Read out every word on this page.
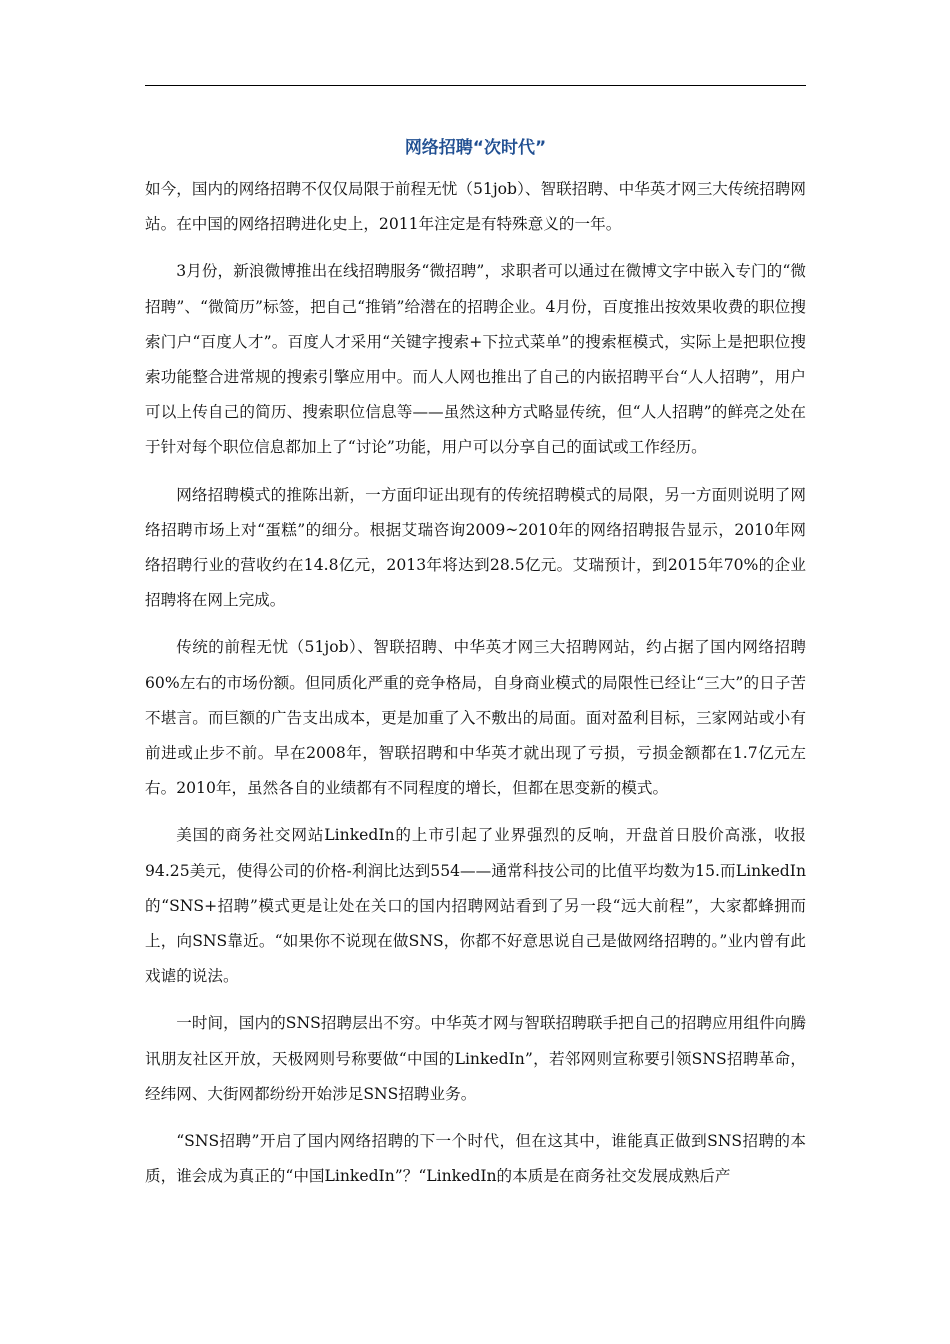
网络招聘“次时代”

如今，国内的网络招聘不仅仅局限于前程无忧（51job）、智联招聘、中华英才网三大传统招聘网站。在中国的网络招聘进化史上，2011年注定是有特殊意义的一年。

3月份，新浪微博推出在线招聘服务“微招聘”，求职者可以通过在微博文字中嵌入专门的“微招聘”、“微简历”标签，把自己“推销”给潜在的招聘企业。4月份，百度推出按效果收费的职位搜索门户“百度人才”。百度人才采用“关键字搜索+下拉式菜单”的搜索框模式，实际上是把职位搜索功能整合进常规的搜索引擎应用中。而人人网也推出了自己的内嵌招聘平台“人人招聘”，用户可以上传自己的简历、搜索职位信息等——虽然这种方式略显传统，但“人人招聘”的鲜亮之处在于针对每个职位信息都加上了“讨论”功能，用户可以分享自己的面试或工作经历。

网络招聘模式的推陈出新，一方面印证出现有的传统招聘模式的局限，另一方面则说明了网络招聘市场上对“蛋糕”的细分。根据艾瑞咨询2009~2010年的网络招聘报告显示，2010年网络招聘行业的营收约在14.8亿元，2013年将达到28.5亿元。艾瑞预计，到2015年70%的企业招聘将在网上完成。

传统的前程无忧（51job）、智联招聘、中华英才网三大招聘网站，约占据了国内网络招聘60%左右的市场份额。但同质化严重的竞争格局，自身商业模式的局限性已经让“三大”的日子苦不堪言。而巨额的广告支出成本，更是加重了入不敷出的局面。面对盈利目标，三家网站或小有前进或止步不前。早在2008年，智联招聘和中华英才就出现了亏损，亏损金额都在1.7亿元左右。2010年，虽然各自的业绩都有不同程度的增长，但都在思变新的模式。

美国的商务社交网站LinkedIn的上市引起了业界强烈的反响，开盘首日股价高涨，收报94.25美元，使得公司的价格-利润比达到554——通常科技公司的比值平均数为15.而LinkedIn的“SNS+招聘”模式更是让处在关口的国内招聘网站看到了另一段“远大前程”，大家都蜂拥而上，向SNS靠近。“如果你不说现在做SNS，你都不好意思说自己是做网络招聘的。”业内曾有此戏谑的说法。

一时间，国内的SNS招聘层出不穷。中华英才网与智联招聘联手把自己的招聘应用组件向腾讯朋友社区开放，天极网则号称要做“中国的LinkedIn”，若邻网则宣称要引领SNS招聘革命，经纬网、大街网都纷纷开始涉足SNS招聘业务。

“SNS招聘”开启了国内网络招聘的下一个时代，但在这其中，谁能真正做到SNS招聘的本质，谁会成为真正的“中国LinkedIn”？“LinkedIn的本质是在商务社交发展成熟后产
